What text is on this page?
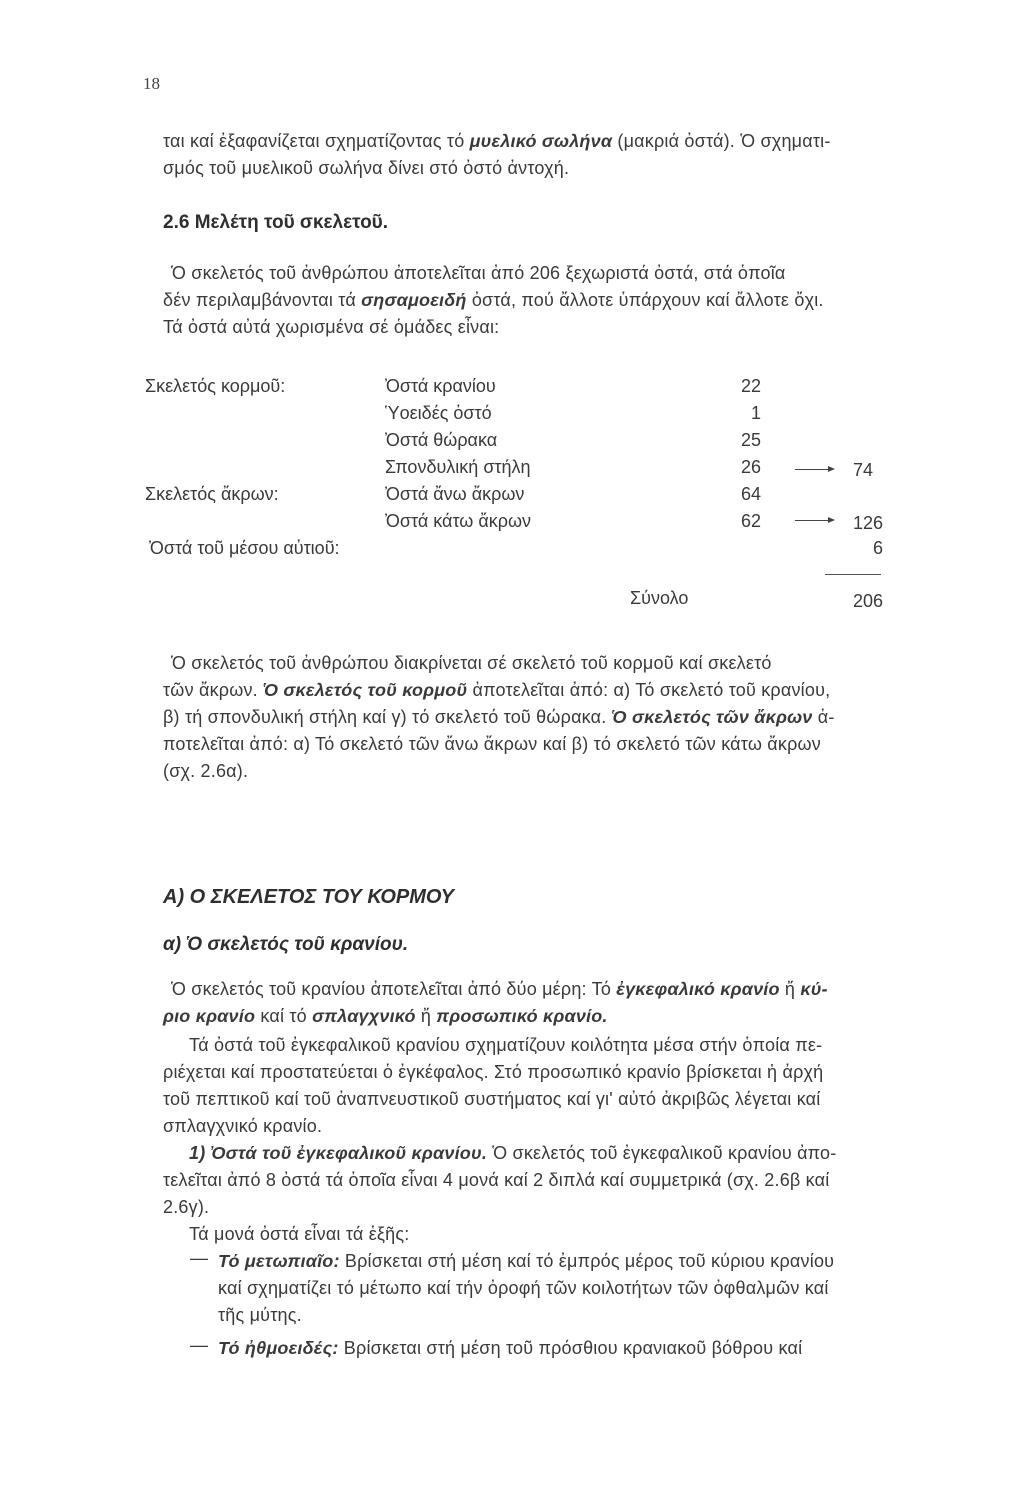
18
ται καί ἐξαφανίζεται σχηματίζοντας τό μυελικό σωλήνα (μακριά ὀστά). Ὁ σχηματι-
σμός τοῦ μυελικοῦ σωλήνα δίνει στό ὀστό ἀντοχή.
2.6 Μελέτη τοῦ σκελετοῦ.
Ὁ σκελετός τοῦ ἀνθρώπου ἀποτελεῖται ἀπό 206 ξεχωριστά ὀστά, στά ὁποῖα
δέν περιλαμβάνονται τά σησαμοειδή ὀστά, πού ἄλλοτε ὑπάρχουν καί ἄλλοτε ὄχι.
Τά ὀστά αὐτά χωρισμένα σέ ὁμάδες εἶναι:
Σκελετός κορμοῦ:
Σκελετός ἄκρων:
Ὀστά τοῦ μέσου αὐτιοῦ:
Ὀστά κρανίου
Ὑοειδές ὀστό
Ὀστά θώρακα
Σπονδυλική στήλη
Ὀστά ἄνω ἄκρων
Ὀστά κάτω ἄκρων
22
1
25
26
64
62
74
126
6
Σύνολο	206
Ὁ σκελετός τοῦ ἀνθρώπου διακρίνεται σέ σκελετό τοῦ κορμοῦ καί σκελετό
τῶν ἄκρων. Ὁ σκελετός τοῦ κορμοῦ ἀποτελεῖται ἀπό: α) Τό σκελετό τοῦ κρανίου,
β) τή σπονδυλική στήλη καί γ) τό σκελετό τοῦ θώρακα. Ὁ σκελετός τῶν ἄκρων ἀ-
ποτελεῖται ἀπό: α) Τό σκελετό τῶν ἄνω ἄκρων καί β) τό σκελετό τῶν κάτω ἄκρων
(σχ. 2.6α).
Α) Ο ΣΚΕΛΕΤΟΣ ΤΟΥ ΚΟΡΜΟΥ
α) Ὁ σκελετός τοῦ κρανίου.
Ὁ σκελετός τοῦ κρανίου ἀποτελεῖται ἀπό δύο μέρη: Τό ἐγκεφαλικό κρανίο ἤ κύ-
ριο κρανίο καί τό σπλαγχνικό ἤ προσωπικό κρανίο.
Τά ὀστά τοῦ ἐγκεφαλικοῦ κρανίου σχηματίζουν κοιλότητα μέσα στήν ὁποία πε-
ριέχεται καί προστατεύεται ὁ ἐγκέφαλος. Στό προσωπικό κρανίο βρίσκεται ἡ ἀρχή
τοῦ πεπτικοῦ καί τοῦ ἀναπνευστικοῦ συστήματος καί γι' αὐτό ἀκριβῶς λέγεται καί
σπλαγχνικό κρανίο.
1) Ὀστά τοῦ ἐγκεφαλικοῦ κρανίου. Ὁ σκελετός τοῦ ἐγκεφαλικοῦ κρανίου ἀπο-
τελεῖται ἀπό 8 ὀστά τά ὁποῖα εἶναι 4 μονά καί 2 διπλά καί συμμετρικά (σχ. 2.6β καί
2.6γ).
Τά μονά ὀστά εἶναι τά ἑξῆς:
— Τό μετωπιαῖο: Βρίσκεται στή μέση καί τό ἐμπρός μέρος τοῦ κύριου κρανίου
καί σχηματίζει τό μέτωπο καί τήν ὀροφή τῶν κοιλοτήτων τῶν ὀφθαλμῶν καί
τῆς μύτης.
— Τό ἠθμοειδές: Βρίσκεται στή μέση τοῦ πρόσθιου κρανιακοῦ βόθρου καί
